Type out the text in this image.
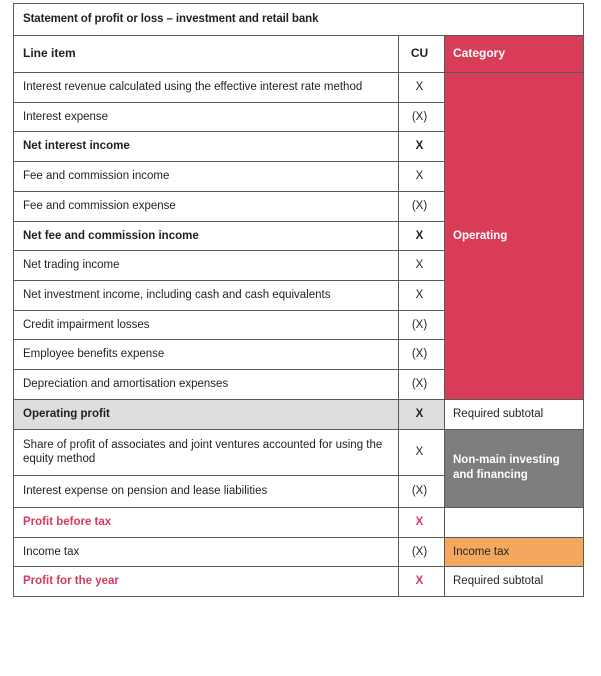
Statement of profit or loss – investment and retail bank		
Line item	CU	Category
Interest revenue calculated using the effective interest rate method	X	Operating
Interest expense	(X)	
Net interest income	X	
Fee and commission income	X	
Fee and commission expense	(X)	
Net fee and commission income	X	
Net trading income	X	
Net investment income, including cash and cash equivalents	X	
Credit impairment losses	(X)	
Employee benefits expense	(X)	
Depreciation and amortisation expenses	(X)	
Operating profit	X	Required subtotal
Share of profit of associates and joint ventures accounted for using the equity method	X	Non-main investing and financing
Interest expense on pension and lease liabilities	(X)	
Profit before tax	X	
Income tax	(X)	Income tax
Profit for the year	X	Required subtotal
